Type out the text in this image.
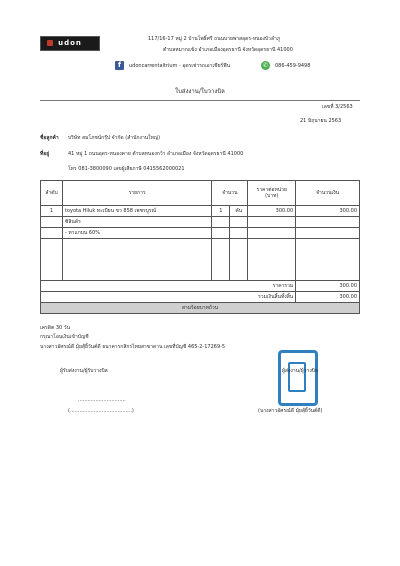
udon	117/16-17 หมู่ 2 บ้านโพธิ์ศรี ถนนบายพาสอุดร-หนองบัวลำภู
ตำบลหมากแข้ง อำเภอเมืองอุดรธานี จังหวัดอุดรธานี 41000
f	udoncarrentaltrium - อุดรเช่ารถเอาเชียร์ฟีน	✆	086-459-9498
ใบส่งงาน/ใบวางบิล
เลขที่ 3/2563
21 มิถุนายน 2563
ชื่อลูกค้า บริษัท สมโภชน์กรุ๊ป จำกัด (สำนักงานใหญ่)
ที่อยู่	41 หมู่ 1 ถนนอุดร-หนองคาย ตำบลหนองกว้า อำเภอเมือง จังหวัดอุดรธานี 41000
โทร 081-3800090 เลขผู้เสียภาษี 0415562000021
ลำดับ	รายการ	จำนวน		ราคาต่อหน่วย (บาท)	จำนวนเงิน
1	toyota Hiluk ทะเบียน ขว 858 เพชรบูรณ์	1	คัน	300.00	300.00
	ซิลินด์ร				
	- ทาแกบน 60%				

ราคารวม					300.00
รวมเงินสิ้นทั้งสิ้น					300.00
สามร้อยบาทถ้วน					
เครดิต 30 วัน
กรุณาโอนเงินเข้าบัญชี
นางสาวอัศรณ์ดี มุ้ยสุ้ยิ้วันต์ดี ธนาคารกสิกรไทยสาขาดาน เลขที่บัญชี 465-2-17269-5
ผู้รับส่งงาน/ผู้รับวางบิล
..............................
(.......................................)
ผู้ส่งงาน/ผู้วางบิล
(นางสาวอัศรณ์ดี มุ้ยสุ้ยิ้วันต์ดี)
